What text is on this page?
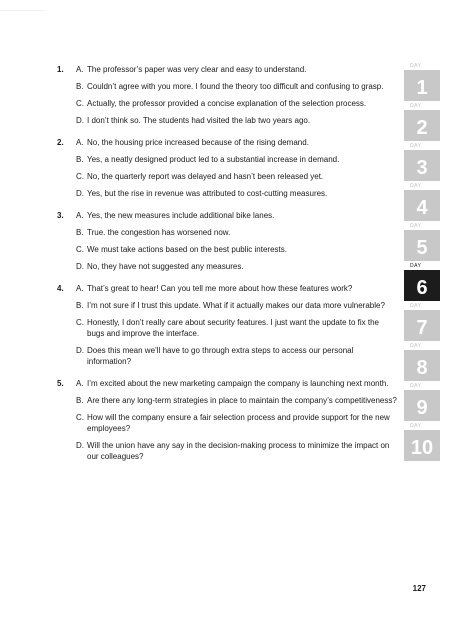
1.	A. The professor’s paper was very clear and easy to understand.
B. Couldn’t agree with you more. I found the theory too difficult and confusing to grasp.
C. Actually, the professor provided a concise explanation of the selection process.
D. I don’t think so. The students had visited the lab two years ago.
2.	A. No, the housing price increased because of the rising demand.
B. Yes, a neatly designed product led to a substantial increase in demand.
C. No, the quarterly report was delayed and hasn’t been released yet.
D. Yes, but the rise in revenue was attributed to cost-cutting measures.
3.	A. Yes, the new measures include additional bike lanes.
B. True. the congestion has worsened now.
C. We must take actions based on the best public interests.
D. No, they have not suggested any measures.
4.	A. That’s great to hear! Can you tell me more about how these features work?
B. I’m not sure if I trust this update. What if it actually makes our data more vulnerable?
C. Honestly, I don’t really care about security features. I just want the update to fix the bugs and improve the interface.
D. Does this mean we’ll have to go through extra steps to access our personal information?
5.	A. I’m excited about the new marketing campaign the company is launching next month.
B. Are there any long-term strategies in place to maintain the company’s competitiveness?
C. How will the company ensure a fair selection process and provide support for the new employees?
D. Will the union have any say in the decision-making process to minimize the impact on our colleagues?
DAY
1
DAY
2
DAY
3
DAY
4
DAY
5
DAY
6
DAY
7
DAY
8
DAY
9
DAY
10
127
